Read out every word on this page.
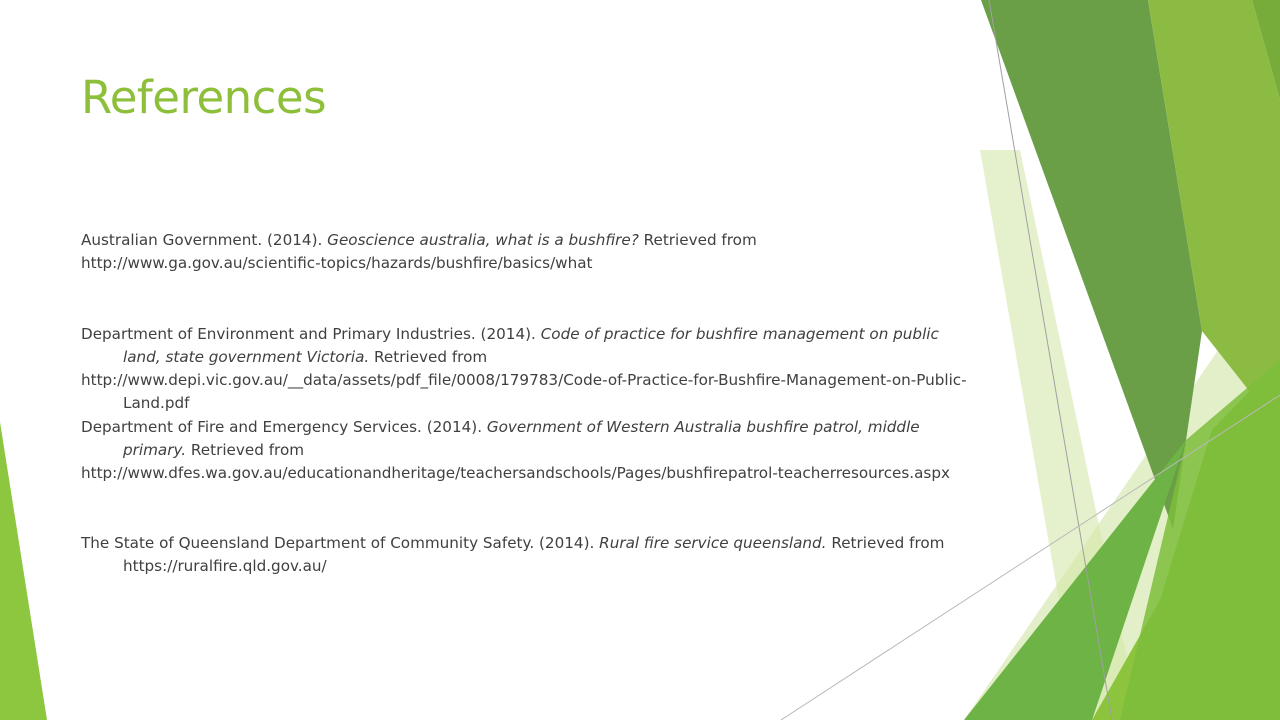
References

Australian Government. (2014). Geoscience australia, what is a bushfire? Retrieved from
http://www.ga.gov.au/scientific-topics/hazards/bushfire/basics/what

Department of Environment and Primary Industries. (2014). Code of practice for bushfire management on public land, state government Victoria. Retrieved from
http://www.depi.vic.gov.au/__data/assets/pdf_file/0008/179783/Code-of-Practice-for-Bushfire-Management-on-Public-Land.pdf

Department of Fire and Emergency Services. (2014). Government of Western Australia bushfire patrol, middle primary. Retrieved from
http://www.dfes.wa.gov.au/educationandheritage/teachersandschools/Pages/bushfirepatrol-teacherresources.aspx

The State of Queensland Department of Community Safety. (2014). Rural fire service queensland. Retrieved from https://ruralfire.qld.gov.au/
